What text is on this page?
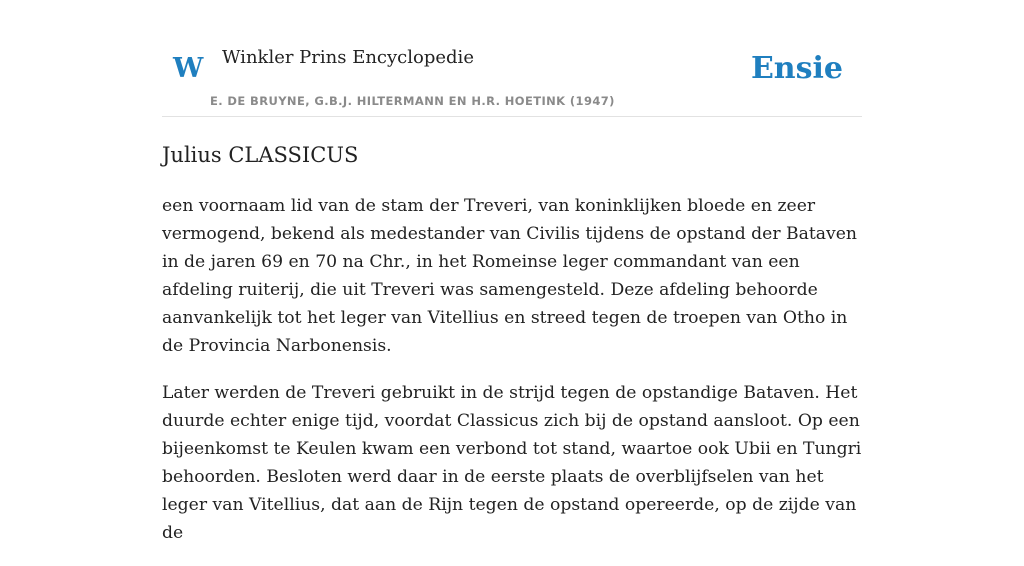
W Winkler Prins Encyclopedie
E. DE BRUYNE, G.B.J. HILTERMANN EN H.R. HOETINK (1947)
Ensie
Julius CLASSICUS

een voornaam lid van de stam der Treveri, van koninklijken bloede en zeer vermogend, bekend als medestander van Civilis tijdens de opstand der Bataven in de jaren 69 en 70 na Chr., in het Romeinse leger commandant van een afdeling ruiterij, die uit Treveri was samengesteld. Deze afdeling behoorde aanvankelijk tot het leger van Vitellius en streed tegen de troepen van Otho in de Provincia Narbonensis.

Later werden de Treveri gebruikt in de strijd tegen de opstandige Bataven. Het duurde echter enige tijd, voordat Classicus zich bij de opstand aansloot. Op een bijeenkomst te Keulen kwam een verbond tot stand, waartoe ook Ubii en Tungri behoorden. Besloten werd daar in de eerste plaats de overblijfselen van het leger van Vitellius, dat aan de Rijn tegen de opstand opereerde, op de zijde van de
